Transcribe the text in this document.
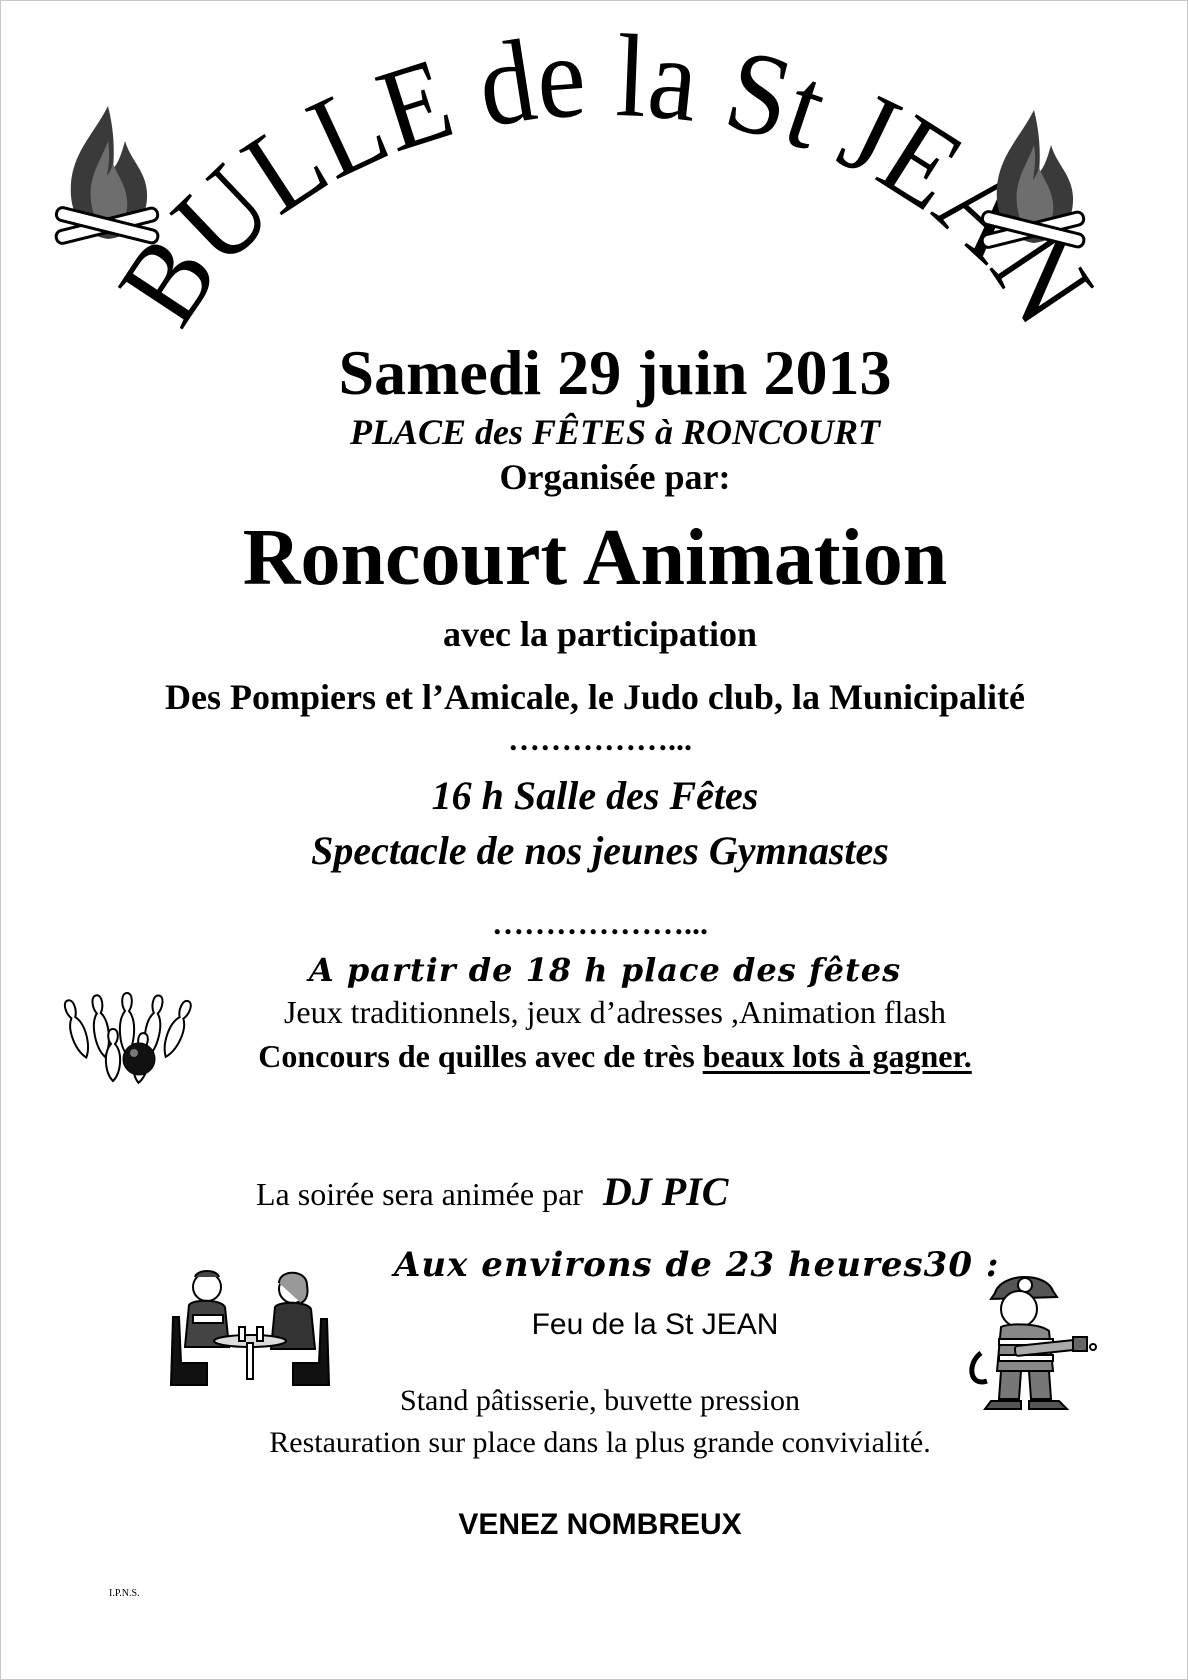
BULLE de la St JEAN
Samedi 29 juin 2013
PLACE des FÊTES à RONCOURT
Organisée par:
Roncourt Animation
avec la participation
Des Pompiers et l’Amicale, le Judo club, la Municipalité
……………...
16 h Salle des Fêtes
Spectacle de nos jeunes Gymnastes
………………...
A partir de 18 h place des fêtes
Jeux traditionnels, jeux d’adresses ,Animation flash
Concours de quilles avec de très beaux lots à gagner.
La soirée sera animée par DJ PIC
Aux environs de 23 heures30 :
Feu de la St JEAN
Stand pâtisserie, buvette pression
Restauration sur place dans la plus grande convivialité.
VENEZ NOMBREUX
I.P.N.S.
